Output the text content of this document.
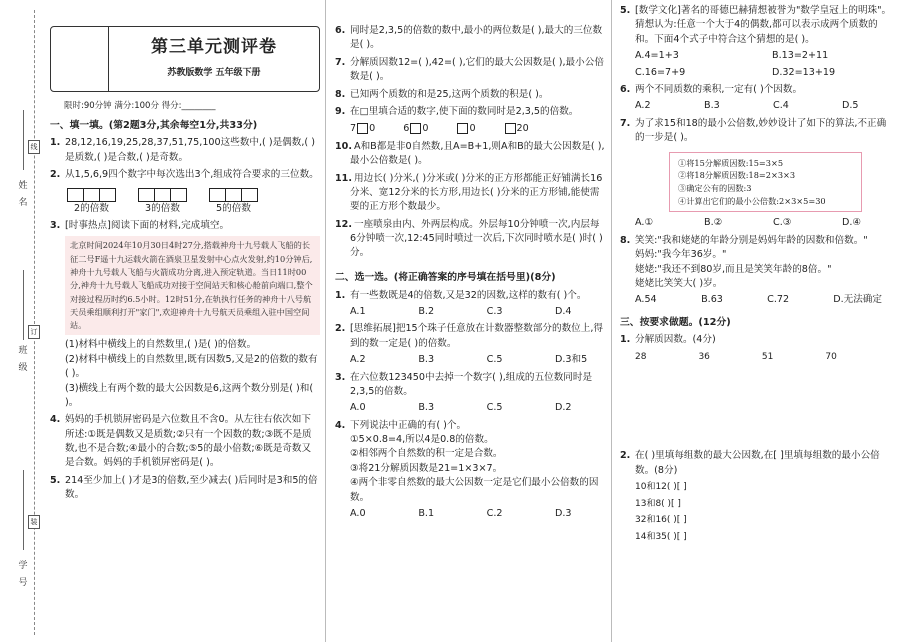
姓名
班级
学号
线
订
装
第三单元测评卷
苏教版数学 五年级下册
限时:90分钟 满分:100分 得分:________
一、填一填。(第2题3分,其余每空1分,共33分)
1. 28,12,16,19,25,28,37,51,75,100这些数中,( )是偶数,( )是质数,( )是合数,( )是奇数。
2. 从1,5,6,9四个数字中每次选出3个,组成符合要求的三位数。
2的倍数	3的倍数	5的倍数
3. [时事热点]阅读下面的材料,完成填空。
北京时间2024年10月30日4时27分,搭载神舟十九号载人飞船的长征二号F遥十九运载火箭在酒泉卫星发射中心点火发射,约10分钟后,神舟十九号载人飞船与火箭成功分离,进入预定轨道。当日11时00分,神舟十九号载人飞船成功对接于空间站天和核心舱前向端口,整个对接过程历时约6.5小时。12时51分,在轨执行任务的神舟十八号航天员乘组顺利打开"家门",欢迎神舟十九号航天员乘组入驻中国空间站。
(1)材料中横线上的自然数里,( )是( )的倍数。
(2)材料中横线上的自然数里,既有因数5,又是2的倍数的数有( )。
(3)横线上有两个数的最大公因数是6,这两个数分别是( )和( )。
4. 妈妈的手机锁屏密码是六位数且不含0。从左往右依次如下所述:①既是偶数又是质数;②只有一个因数的数;③既不是质数,也不是合数;④最小的合数;⑤5的最小倍数;⑥既是奇数又是合数。妈妈的手机锁屏密码是( )。
5. 214至少加上( )才是3的倍数,至少减去( )后同时是3和5的倍数。
6. 同时是2,3,5的倍数的数中,最小的两位数是( ),最大的三位数是( )。
7. 分解质因数12=( ),42=( ),它们的最大公因数是( ),最小公倍数是( )。
8. 已知两个质数的和是25,这两个质数的积是( )。
9. 在□里填合适的数字,使下面的数同时是2,3,5的倍数。
7 0	6 0	0	20
10. A和B都是非0自然数,且A=B+1,则A和B的最大公因数是( ),最小公倍数是( )。
11. 用边长( )分米,( )分米或( )分米的正方形都能正好铺满长16分米、宽12分米的长方形,用边长( )分米的正方形铺,能使需要的正方形个数最少。
12. 一座喷泉由内、外两层构成。外层每10分钟喷一次,内层每6分钟喷一次,12:45同时喷过一次后,下次同时喷水是( )时( )分。
二、选一选。(将正确答案的序号填在括号里)(8分)
1. 有一些数既是4的倍数,又是32的因数,这样的数有( )个。
A.1	B.2	C.3	D.4
2. [思维拓展]把15个珠子任意放在计数器整数部分的数位上,得到的数一定是( )的倍数。
A.2	B.3	C.5	D.3和5
3. 在六位数123450中去掉一个数字( ),组成的五位数同时是2,3,5的倍数。
A.0	B.3	C.5	D.2
4. 下列说法中正确的有( )个。
①5×0.8=4,所以4是0.8的倍数。
②相邻两个自然数的积一定是合数。
③将21分解质因数是21=1×3×7。
④两个非零自然数的最大公因数一定是它们最小公倍数的因数。
A.0	B.1	C.2	D.3
5. [数学文化]著名的哥德巴赫猜想被誉为"数学皇冠上的明珠"。猜想认为:任意一个大于4的偶数,都可以表示成两个质数的和。下面4个式子中符合这个猜想的是( )。
A.4=1+3	B.13=2+11
C.16=7+9	D.32=13+19
6. 两个不同质数的乘积,一定有( )个因数。
A.2	B.3	C.4	D.5
7. 为了求15和18的最小公倍数,妙妙设计了如下的算法,不正确的一步是( )。
①将15分解质因数:15=3×5
②将18分解质因数:18=2×3×3
③确定公有的因数:3
④计算出它们的最小公倍数:2×3×5=30
A.①	B.②	C.③	D.④
8. 笑笑:"我和姥姥的年龄分别是妈妈年龄的因数和倍数。"
妈妈:"我今年36岁。"
姥姥:"我还不到80岁,而且是笑笑年龄的8倍。"
姥姥比笑笑大( )岁。
A.54	B.63	C.72	D.无法确定
三、按要求做题。(12分)
1. 分解质因数。(4分)
28	36	51	70
2. 在( )里填每组数的最大公因数,在[ ]里填每组数的最小公倍数。(8分)
10和12( )[ ]
13和8( )[ ]
32和16( )[ ]
14和35( )[ ]
